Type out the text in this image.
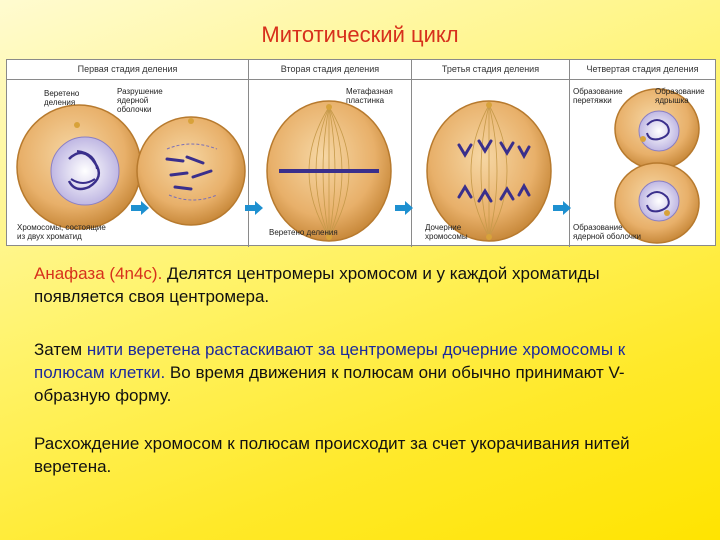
Митотический цикл
Первая стадия деления	Вторая стадия деления	Третья стадия деления	Четвертая стадия деления
Веретено
деления
Разрушение
ядерной
оболочки
Хромосомы, состоящие
из двух хроматид
Метафазная
пластинка
Веретено деления
Дочерние
хромосомы
Образование
перетяжки
Образование
ядрышка
Образование
ядерной оболочки
Анафаза (4n4c). Делятся центромеры хромосом и у каждой хроматиды появляется своя центромера.
Затем нити веретена растаскивают за центромеры дочерние хромосомы к полюсам клетки. Во время движения к полюсам они обычно принимают V-образную форму.
Расхождение хромосом к полюсам происходит за счет укорачивания нитей веретена.
